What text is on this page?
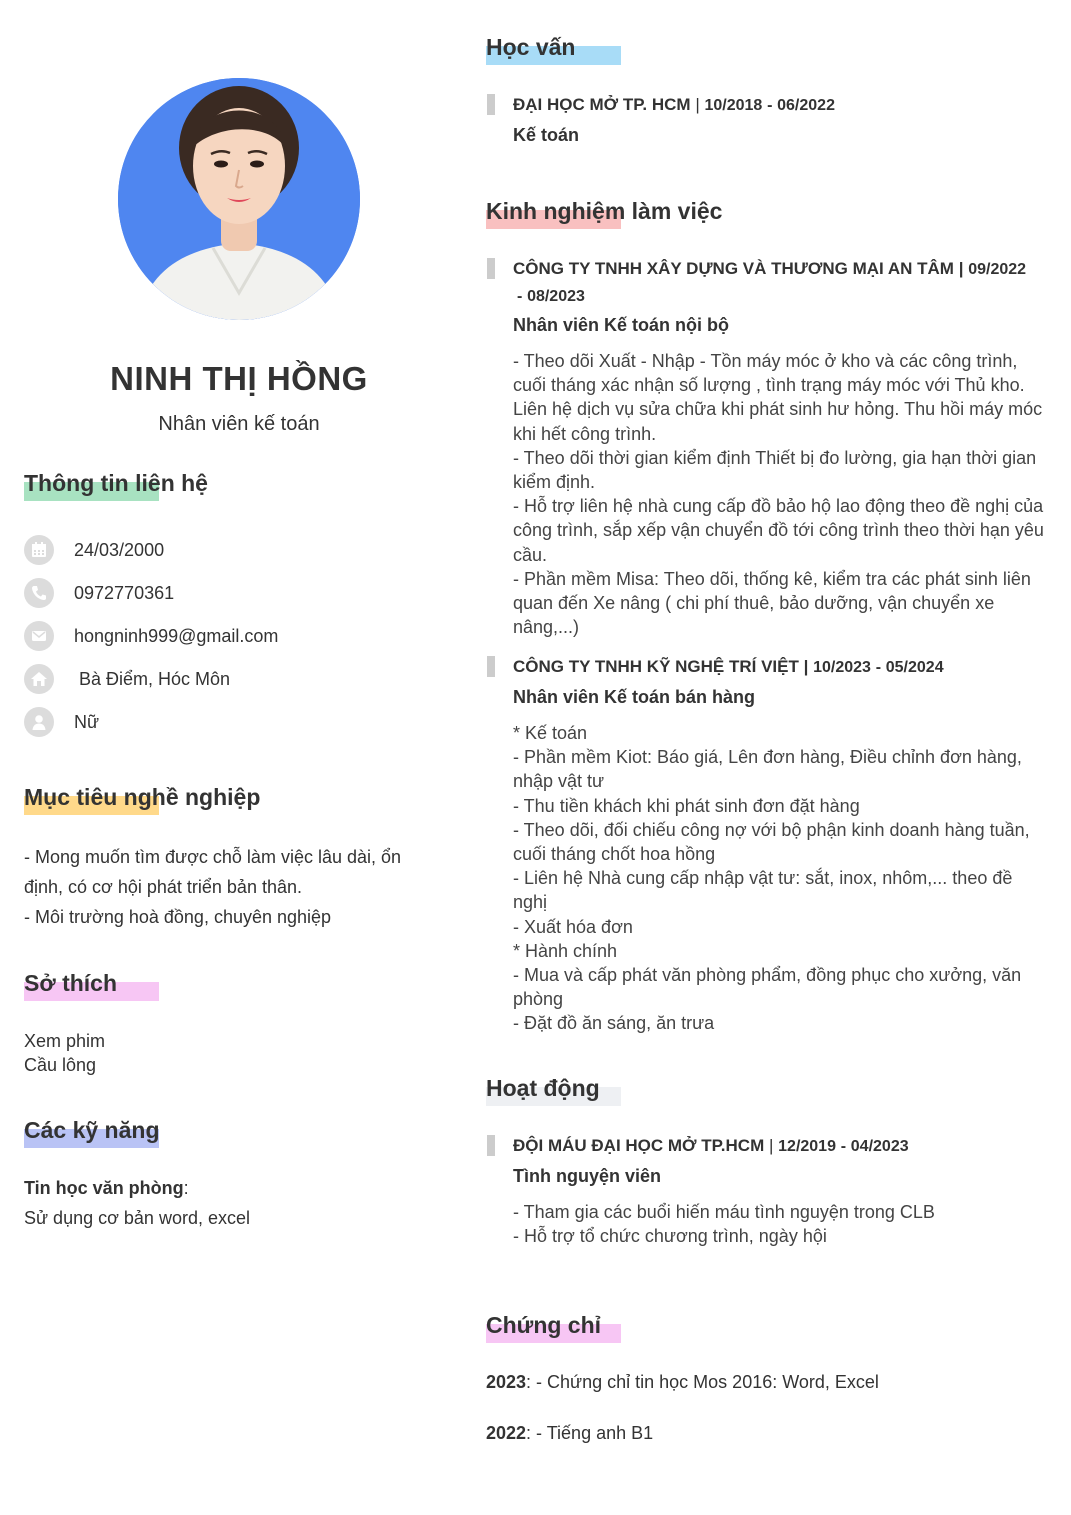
NINH THỊ HỒNG
Nhân viên kế toán
Thông tin liên hệ
24/03/2000
0972770361
hongninh999@gmail.com
Bà Điểm, Hóc Môn
Nữ
Mục tiêu nghề nghiệp
- Mong muốn tìm được chỗ làm việc lâu dài, ổn
định, có cơ hội phát triển bản thân.
- Môi trường hoà đồng, chuyên nghiệp
Sở thích
Xem phim
Cầu lông
Các kỹ năng
Tin học văn phòng:
Sử dụng cơ bản word, excel
Học vấn
ĐẠI HỌC MỞ TP. HCM | 10/2018 - 06/2022
Kế toán
Kinh nghiệm làm việc
CÔNG TY TNHH XÂY DỰNG VÀ THƯƠNG MẠI AN TÂM | 09/2022
- 08/2023
Nhân viên Kế toán nội bộ
- Theo dõi Xuất - Nhập - Tồn máy móc ở kho và các công trình, cuối tháng xác nhận số lượng , tình trạng máy móc với Thủ kho. Liên hệ dịch vụ sửa chữa khi phát sinh hư hỏng. Thu hồi máy móc khi hết công trình.
- Theo dõi thời gian kiểm định Thiết bị đo lường, gia hạn thời gian kiểm định.
- Hỗ trợ liên hệ nhà cung cấp đồ bảo hộ lao động theo đề nghị của công trình, sắp xếp vận chuyển đồ tới công trình theo thời hạn yêu cầu.
- Phần mềm Misa: Theo dõi, thống kê, kiểm tra các phát sinh liên quan đến Xe nâng ( chi phí thuê, bảo dưỡng, vận chuyển xe nâng,...)
CÔNG TY TNHH KỸ NGHỆ TRÍ VIỆT | 10/2023 - 05/2024
Nhân viên Kế toán bán hàng
* Kế toán
- Phần mềm Kiot: Báo giá, Lên đơn hàng, Điều chỉnh đơn hàng, nhập vật tư
- Thu tiền khách khi phát sinh đơn đặt hàng
- Theo dõi, đối chiếu công nợ với bộ phận kinh doanh hàng tuần, cuối tháng chốt hoa hồng
- Liên hệ Nhà cung cấp nhập vật tư: sắt, inox, nhôm,... theo đề nghị
- Xuất hóa đơn
* Hành chính
- Mua và cấp phát văn phòng phẩm, đồng phục cho xưởng, văn phòng
- Đặt đồ ăn sáng, ăn trưa
Hoạt động
ĐỘI MÁU ĐẠI HỌC MỞ TP.HCM | 12/2019 - 04/2023
Tình nguyện viên
- Tham gia các buổi hiến máu tình nguyện trong CLB
- Hỗ trợ tổ chức chương trình, ngày hội
Chứng chỉ
2023: - Chứng chỉ tin học Mos 2016: Word, Excel
2022: - Tiếng anh B1
